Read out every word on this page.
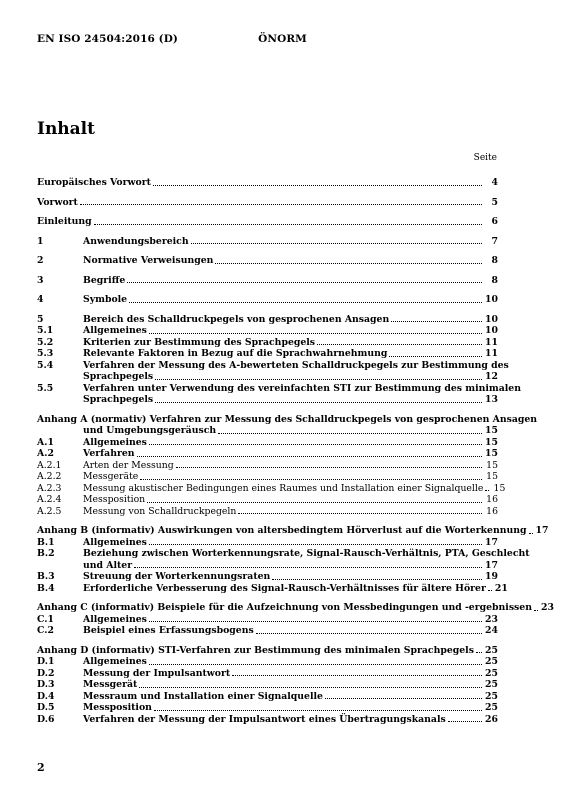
EN ISO 24504:2016 (D)	ÖNORM
Inhalt
Seite
Europäisches Vorwort	4
Vorwort	5
Einleitung	6
1	Anwendungsbereich	7
2	Normative Verweisungen	8
3	Begriffe	8
4	Symbole	10
5	Bereich des Schalldruckpegels von gesprochenen Ansagen	10
5.1	Allgemeines	10
5.2	Kriterien zur Bestimmung des Sprachpegels	11
5.3	Relevante Faktoren in Bezug auf die Sprachwahrnehmung	11
5.4	Verfahren der Messung des A-bewerteten Schalldruckpegels zur Bestimmung des
Sprachpegels	12
5.5	Verfahren unter Verwendung des vereinfachten STI zur Bestimmung des minimalen
Sprachpegels	13
Anhang A (normativ) Verfahren zur Messung des Schalldruckpegels von gesprochenen Ansagen
und Umgebungsgeräusch	15
A.1	Allgemeines	15
A.2	Verfahren	15
A.2.1	Arten der Messung	15
A.2.2	Messgeräte	15
A.2.3	Messung akustischer Bedingungen eines Raumes und Installation einer Signalquelle 15
A.2.4	Messposition	16
A.2.5	Messung von Schalldruckpegeln	16
Anhang B (informativ) Auswirkungen von altersbedingtem Hörverlust auf die Worterkennung 17
B.1	Allgemeines	17
B.2	Beziehung zwischen Worterkennungsrate, Signal-Rausch-Verhältnis, PTA, Geschlecht
und Alter	17
B.3	Streuung der Worterkennungsraten	19
B.4	Erforderliche Verbesserung des Signal-Rausch-Verhältnisses für ältere Hörer 21
Anhang C (informativ) Beispiele für die Aufzeichnung von Messbedingungen und -ergebnissen 23
C.1	Allgemeines	23
C.2	Beispiel eines Erfassungsbogens	24
Anhang D (informativ) STI-Verfahren zur Bestimmung des minimalen Sprachpegels 25
D.1	Allgemeines	25
D.2	Messung der Impulsantwort	25
D.3	Messgerät	25
D.4	Messraum und Installation einer Signalquelle	25
D.5	Messposition	25
D.6	Verfahren der Messung der Impulsantwort eines Übertragungskanals	26
2
